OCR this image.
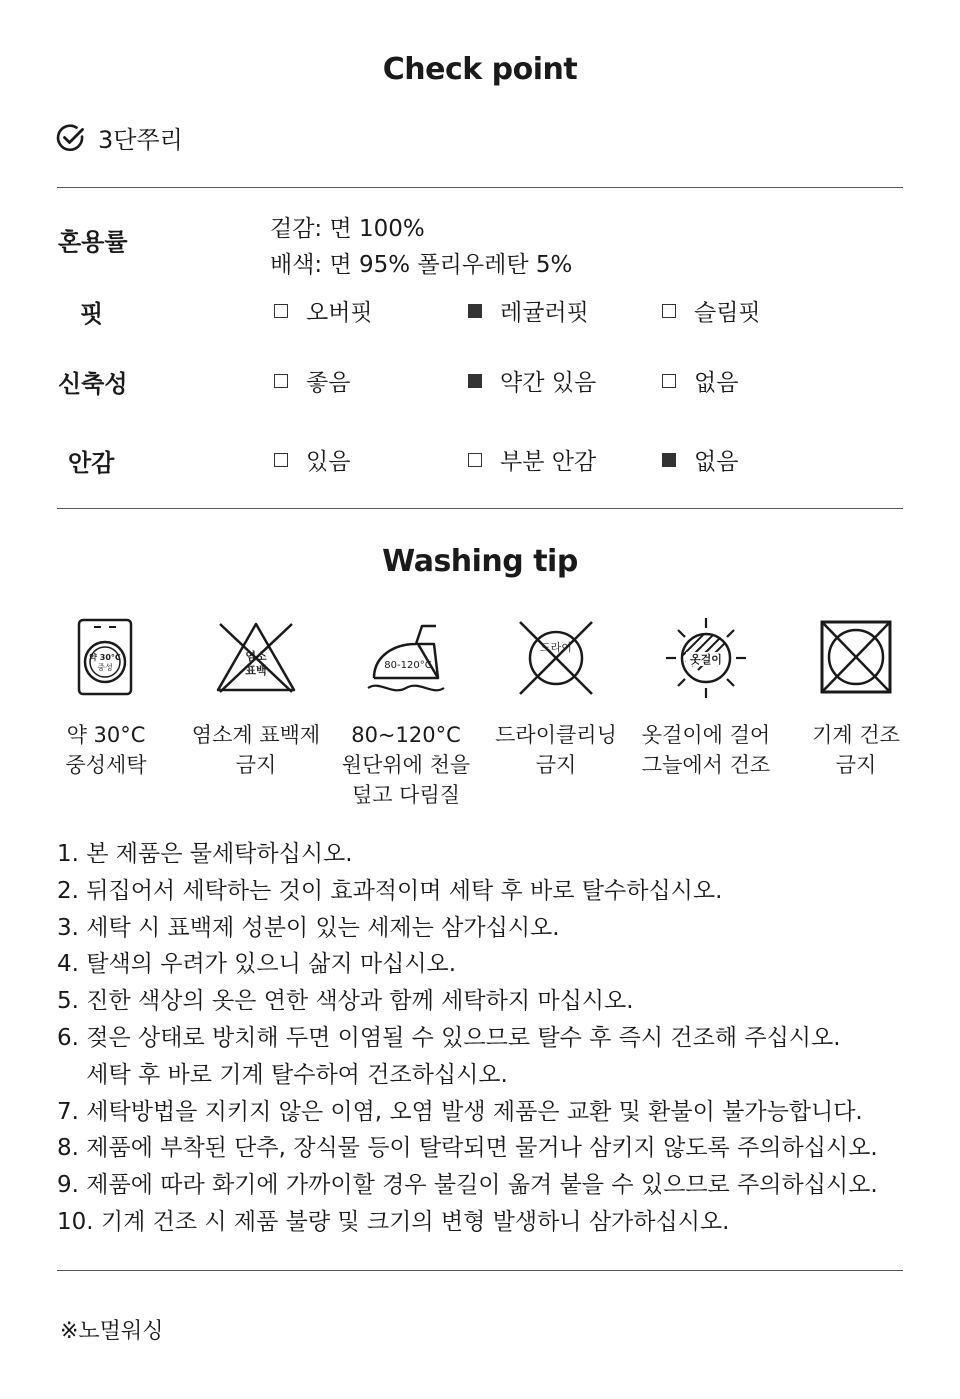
Check point
3단쭈리
혼용률	겉감: 면 100%
배색: 면 95% 폴리우레탄 5%
핏	오버핏	레귤러핏	슬림핏
신축성	좋음	약간 있음	없음
안감	있음	부분 안감	없음
Washing tip
약 30°C
중성
염소
표백	80-120°C
드라이
옷걸이
약 30°C
중성세탁
염소계 표백제
금지
80~120°C
원단위에 천을
덮고 다림질
드라이클리닝
금지
옷걸이에 걸어
그늘에서 건조
기계 건조
금지
1. 본 제품은 물세탁하십시오.
2. 뒤집어서 세탁하는 것이 효과적이며 세탁 후 바로 탈수하십시오.
3. 세탁 시 표백제 성분이 있는 세제는 삼가십시오.
4. 탈색의 우려가 있으니 삶지 마십시오.
5. 진한 색상의 옷은 연한 색상과 함께 세탁하지 마십시오.
6. 젖은 상태로 방치해 두면 이염될 수 있으므로 탈수 후 즉시 건조해 주십시오.
세탁 후 바로 기계 탈수하여 건조하십시오.
7. 세탁방법을 지키지 않은 이염, 오염 발생 제품은 교환 및 환불이 불가능합니다.
8. 제품에 부착된 단추, 장식물 등이 탈락되면 물거나 삼키지 않도록 주의하십시오.
9. 제품에 따라 화기에 가까이할 경우 불길이 옮겨 붙을 수 있으므로 주의하십시오.
10. 기계 건조 시 제품 불량 및 크기의 변형 발생하니 삼가하십시오.
※노멀워싱
